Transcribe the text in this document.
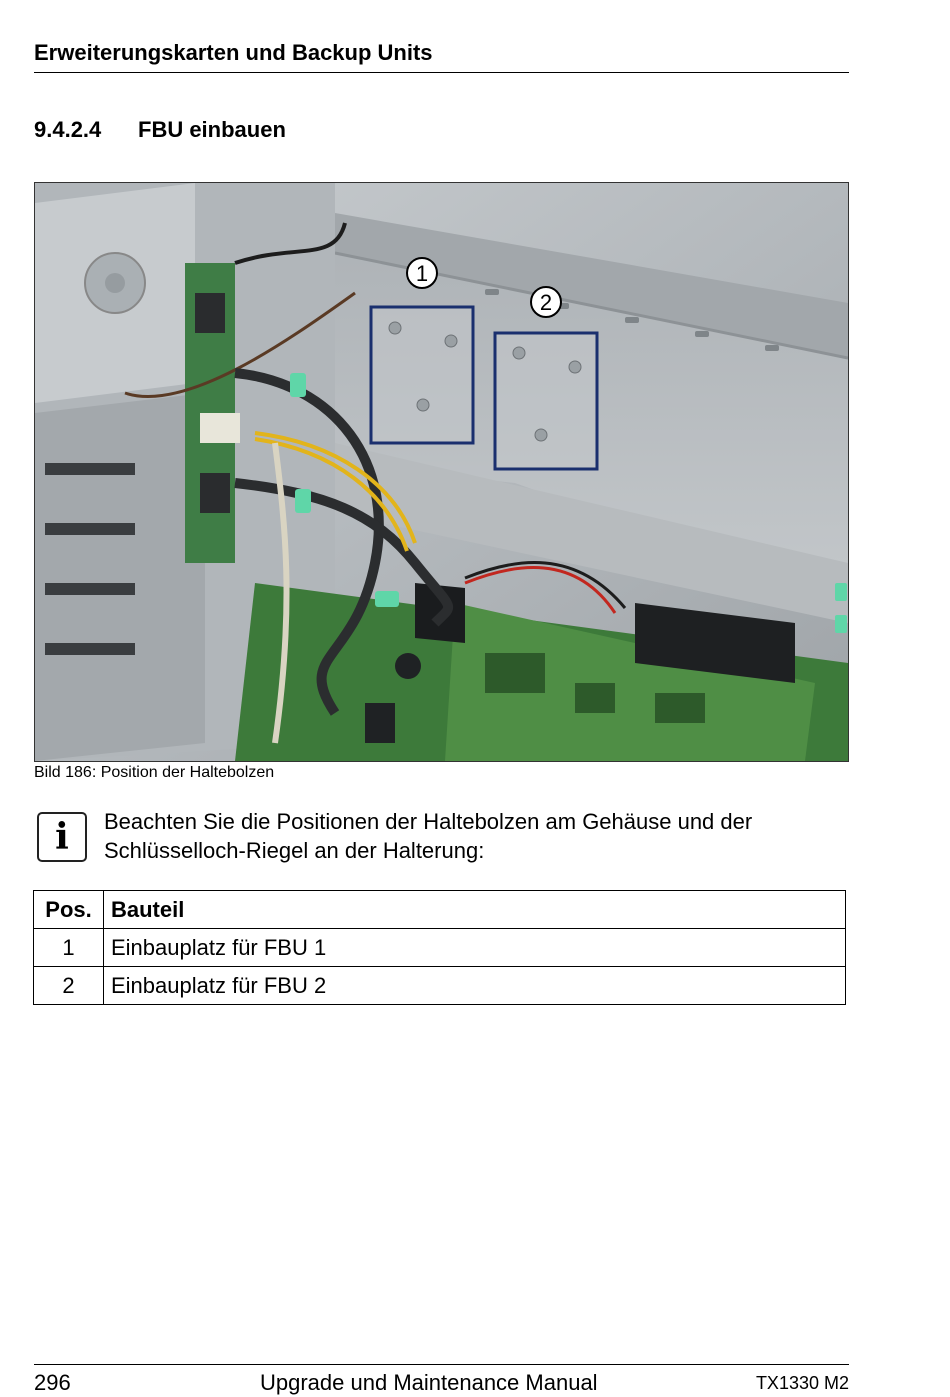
Erweiterungskarten und Backup Units
9.4.2.4 FBU einbauen
1
2
Bild 186: Position der Haltebolzen
i	Beachten Sie die Positionen der Haltebolzen am Gehäuse und der Schlüsselloch-Riegel an der Halterung:
Pos.	Bauteil
1	Einbauplatz für FBU 1
2	Einbauplatz für FBU 2
296	Upgrade und Maintenance Manual	TX1330 M2
